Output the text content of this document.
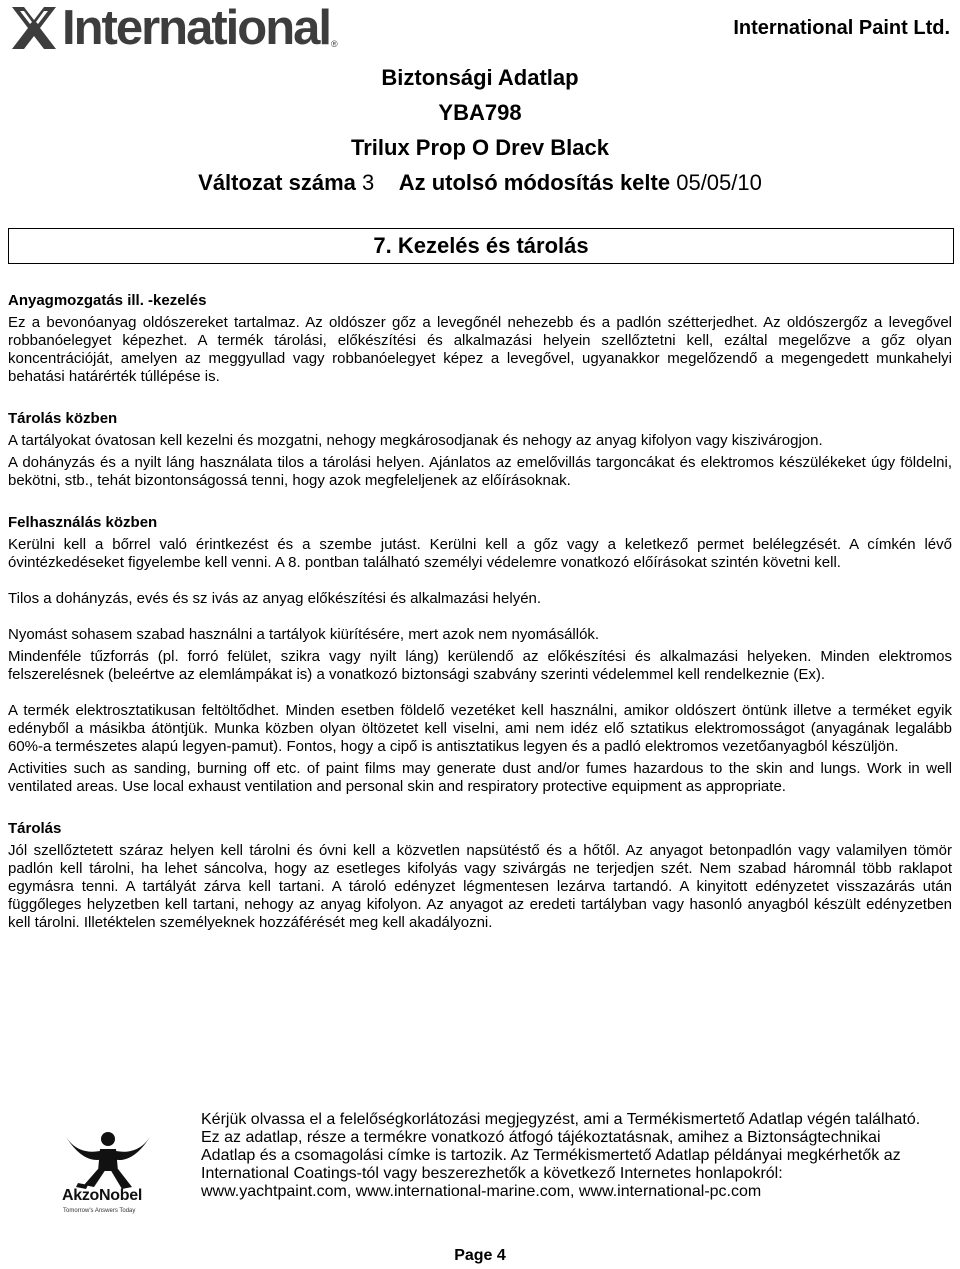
International ®
International Paint Ltd.
Biztonsági Adatlap
YBA798
Trilux Prop O Drev Black
Változat száma 3 Az utolsó módosítás kelte 05/05/10
7. Kezelés és tárolás
Anyagmozgatás ill. -kezelés

Ez a bevonóanyag oldószereket tartalmaz. Az oldószer gőz a levegőnél nehezebb és a padlón szétterjedhet. Az oldószergőz a levegővel robbanóelegyet képezhet. A termék tárolási, előkészítési és alkalmazási helyein szellőztetni kell, ezáltal megelőzve a gőz olyan koncentrációját, amelyen az meggyullad vagy robbanóelegyet képez a levegővel, ugyanakkor megelőzendő a megengedett munkahelyi behatási határérték túllépése is.

Tárolás közben

A tartályokat óvatosan kell kezelni és mozgatni, nehogy megkárosodjanak és nehogy az anyag kifolyon vagy kiszivárogjon.

A dohányzás és a nyilt láng használata tilos a tárolási helyen. Ajánlatos az emelővillás targoncákat és elektromos készülékeket úgy földelni, bekötni, stb., tehát bizontonságossá tenni, hogy azok megfeleljenek az előírásoknak.

Felhasználás közben

Kerülni kell a bőrrel való érintkezést és a szembe jutást. Kerülni kell a gőz vagy a keletkező permet belélegzését. A címkén lévő óvintézkedéseket figyelembe kell venni. A 8. pontban található személyi védelemre vonatkozó előírásokat szintén követni kell.

Tilos a dohányzás, evés és sz ivás az anyag előkészítési és alkalmazási helyén.

Nyomást sohasem szabad használni a tartályok kiürítésére, mert azok nem nyomásállók.

Mindenféle tűzforrás (pl. forró felület, szikra vagy nyilt láng) kerülendő az előkészítési és alkalmazási helyeken. Minden elektromos felszerelésnek (beleértve az elemlámpákat is) a vonatkozó biztonsági szabvány szerinti védelemmel kell rendelkeznie (Ex).

A termék elektrosztatikusan feltöltődhet. Minden esetben földelő vezetéket kell használni, amikor oldószert öntünk illetve a terméket egyik edényből a másikba átöntjük. Munka közben olyan öltözetet kell viselni, ami nem idéz elő sztatikus elektromosságot (anyagának legalább 60%-a természetes alapú legyen-pamut). Fontos, hogy a cipő is antisztatikus legyen és a padló elektromos vezetőanyagból készüljön.

Activities such as sanding, burning off etc. of paint films may generate dust and/or fumes hazardous to the skin and lungs. Work in well ventilated areas. Use local exhaust ventilation and personal skin and respiratory protective equipment as appropriate.

Tárolás

Jól szellőztetett száraz helyen kell tárolni és óvni kell a közvetlen napsütéstő és a hőtől. Az anyagot betonpadlón vagy valamilyen tömör padlón kell tárolni, ha lehet sáncolva, hogy az esetleges kifolyás vagy szivárgás ne terjedjen szét. Nem szabad háromnál több raklapot egymásra tenni. A tartályát zárva kell tartani. A tároló edényzet légmentesen lezárva tartandó. A kinyitott edényzetet visszazárás után függőleges helyzetben kell tartani, nehogy az anyag kifolyon. Az anyagot az eredeti tartályban vagy hasonló anyagból készült edényzetben kell tárolni. Illetéktelen személyeknek hozzáférését meg kell akadályozni.

AkzoNobel
Tomorrow's Answers Today
Kérjük olvassa el a felelőségkorlátozási megjegyzést, ami a Termékismertető Adatlap végén található. Ez az adatlap, része a termékre vonatkozó átfogó tájékoztatásnak, amihez a Biztonságtechnikai Adatlap és a csomagolási címke is tartozik. Az Termékismertető Adatlap példányai megkérhetők az International Coatings-tól vagy beszerezhetők a következő Internetes honlapokról: www.yachtpaint.com, www.international-marine.com, www.international-pc.com
Page 4
